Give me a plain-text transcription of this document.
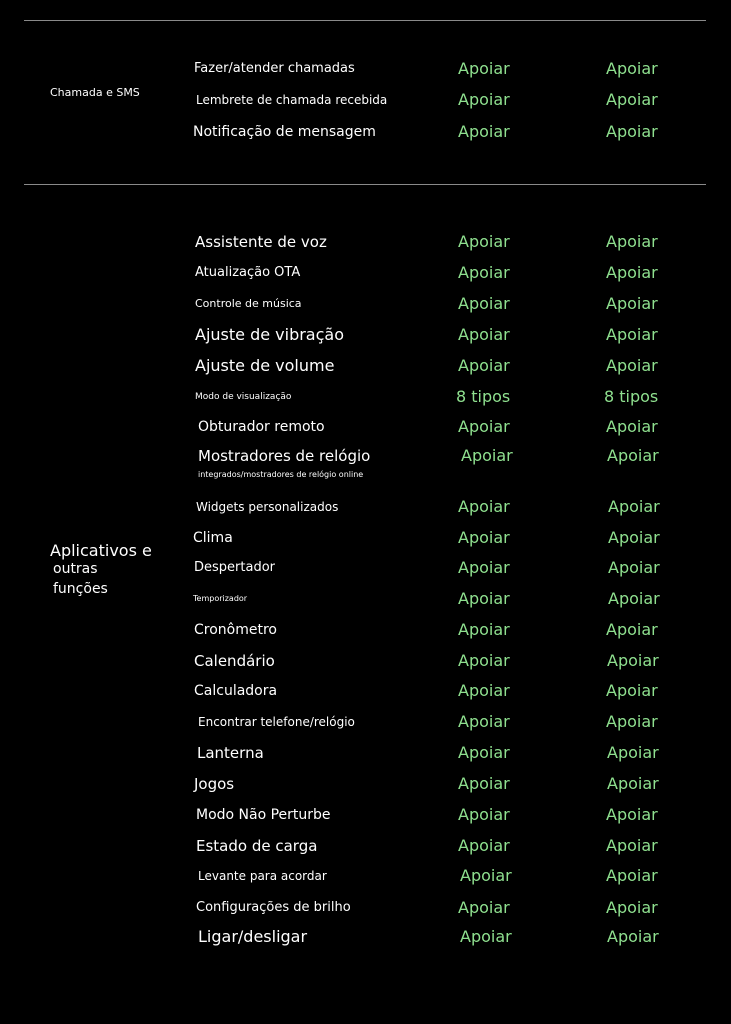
Chamada e SMS
Fazer/atender chamadas	Apoiar	Apoiar
Lembrete de chamada recebida	Apoiar	Apoiar
Notificação de mensagem	Apoiar	Apoiar
Aplicativos e
outras
funções
Assistente de voz	Apoiar	Apoiar
Atualização OTA	Apoiar	Apoiar
Controle de música	Apoiar	Apoiar
Ajuste de vibração	Apoiar	Apoiar
Ajuste de volume	Apoiar	Apoiar
Modo de visualização	8 tipos	8 tipos
Obturador remoto	Apoiar	Apoiar
Mostradores de relógio	Apoiar	Apoiar
integrados/mostradores de relógio online
Widgets personalizados	Apoiar	Apoiar
Clima	Apoiar	Apoiar
Despertador	Apoiar	Apoiar
Temporizador	Apoiar	Apoiar
Cronômetro	Apoiar	Apoiar
Calendário	Apoiar	Apoiar
Calculadora	Apoiar	Apoiar
Encontrar telefone/relógio	Apoiar	Apoiar
Lanterna	Apoiar	Apoiar
Jogos	Apoiar	Apoiar
Modo Não Perturbe	Apoiar	Apoiar
Estado de carga	Apoiar	Apoiar
Levante para acordar	Apoiar	Apoiar
Configurações de brilho	Apoiar	Apoiar
Ligar/desligar	Apoiar	Apoiar
